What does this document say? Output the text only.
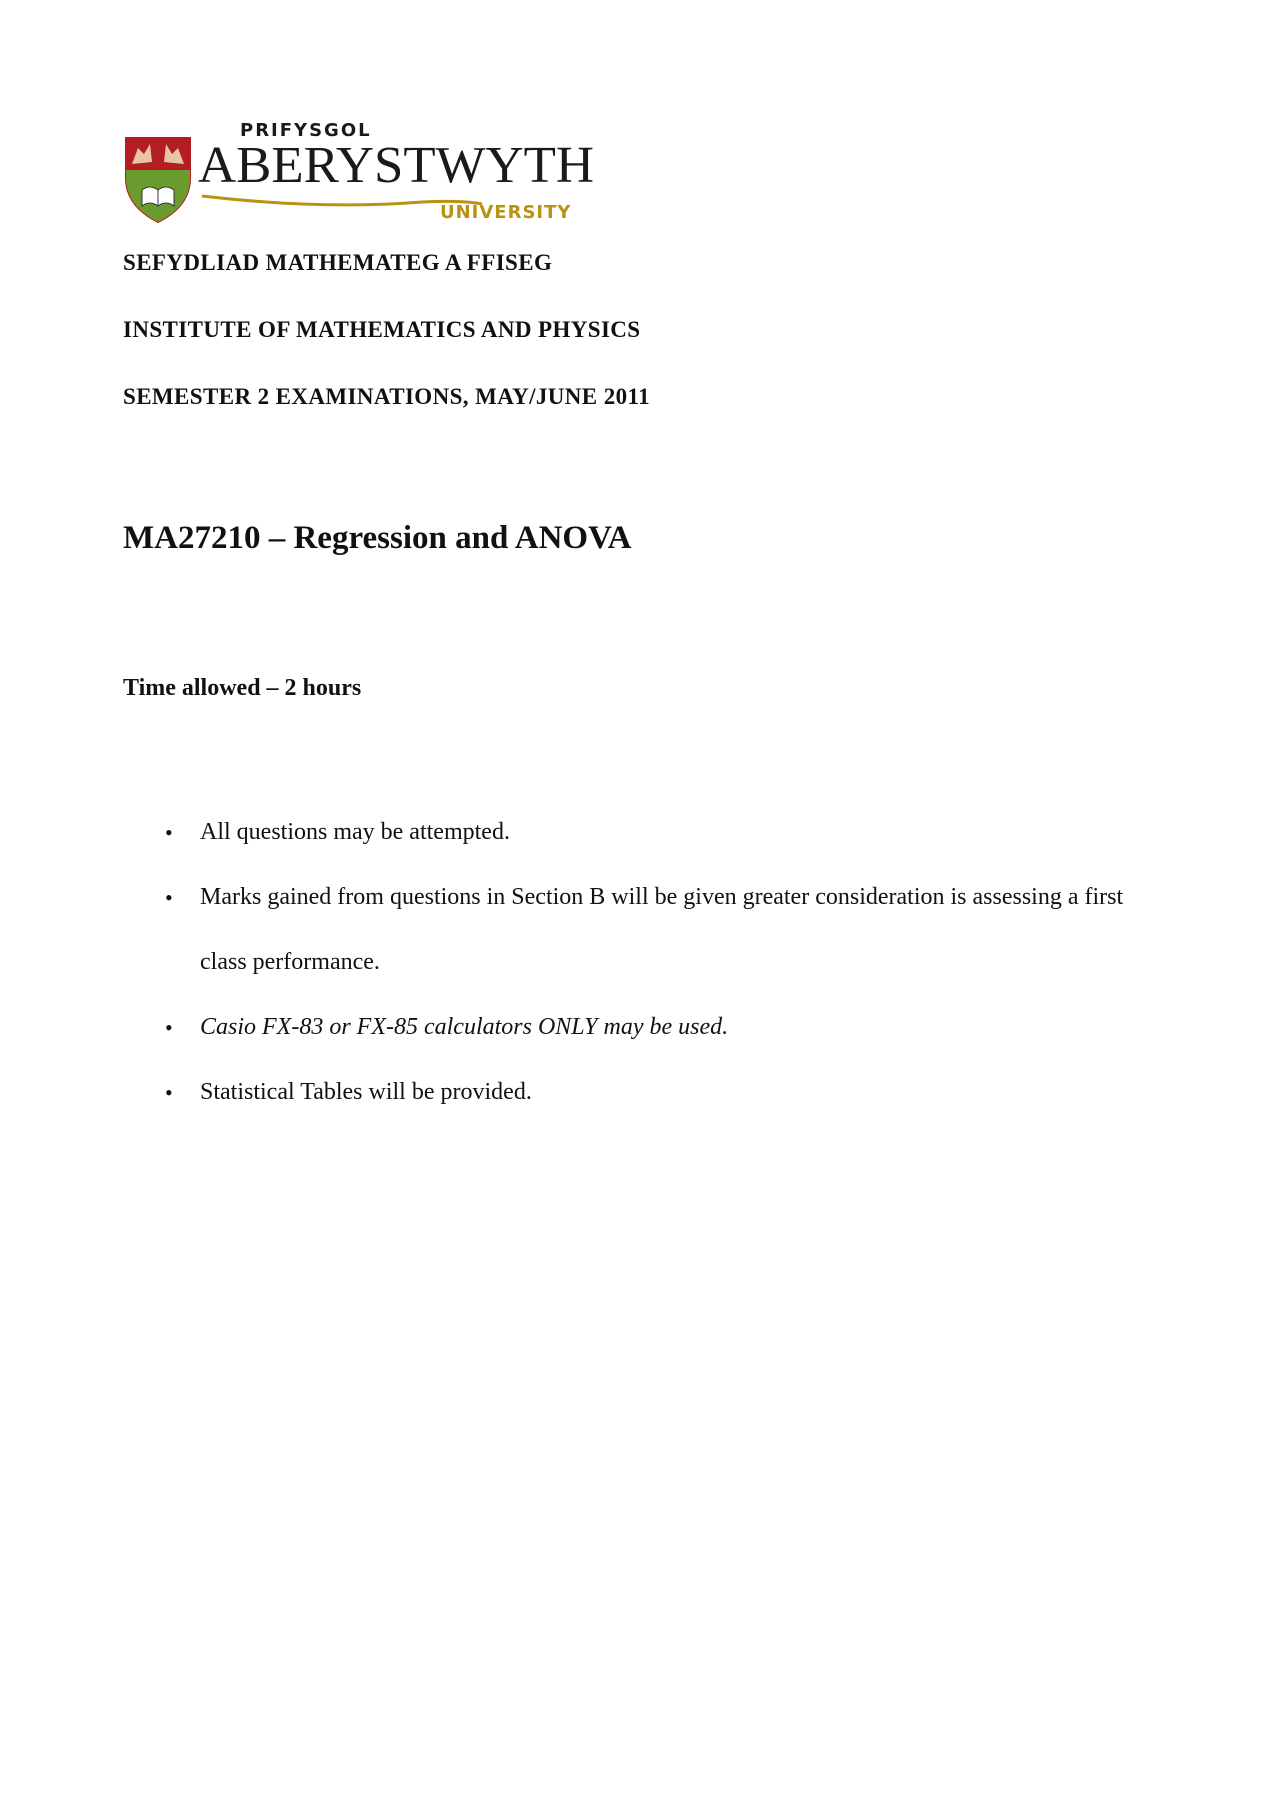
PRIFYSGOL
ABERYSTWYTH
UNIVERSITY
SEFYDLIAD MATHEMATEG A FFISEG
INSTITUTE OF MATHEMATICS AND PHYSICS
SEMESTER 2 EXAMINATIONS, MAY/JUNE 2011
MA27210 – Regression and ANOVA
Time allowed – 2 hours
• All questions may be attempted.
• Marks gained from questions in Section B will be given greater consideration is assessing a first class performance.
• Casio FX-83 or FX-85 calculators ONLY may be used.
• Statistical Tables will be provided.
